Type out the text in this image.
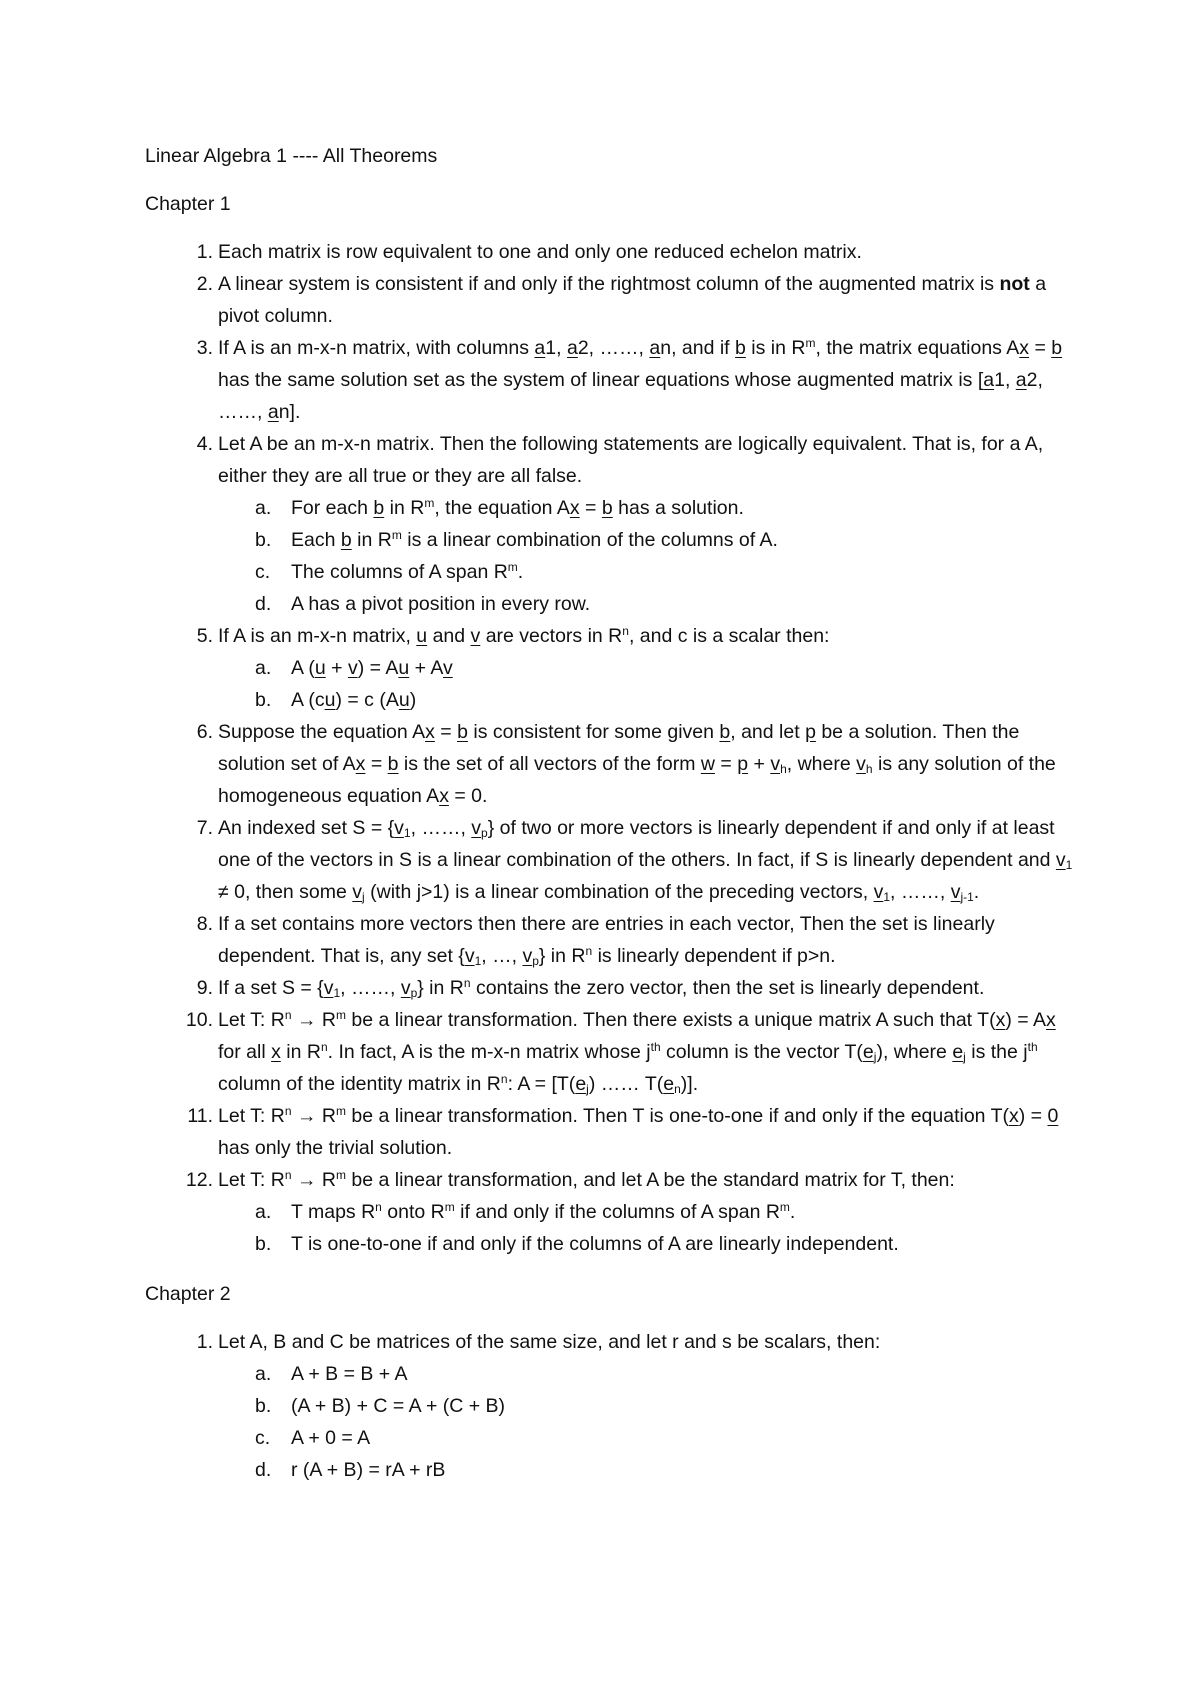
Linear Algebra 1 ---- All Theorems
Chapter 1
1. Each matrix is row equivalent to one and only one reduced echelon matrix.
2. A linear system is consistent if and only if the rightmost column of the augmented matrix is not a pivot column.
3. If A is an m-x-n matrix, with columns a1, a2, ……, an, and if b is in $R^m$, the matrix equations Ax = b has the same solution set as the system of linear equations whose augmented matrix is [a1, a2, ……, an].
4. Let A be an m-x-n matrix. Then the following statements are logically equivalent. That is, for a A, either they are all true or they are all false.
a. For each b in $R^m$, the equation Ax = b has a solution.
b. Each b in $R^m$ is a linear combination of the columns of A.
c. The columns of A span $R^m$.
d. A has a pivot position in every row.
5. If A is an m-x-n matrix, u and v are vectors in $R^n$, and c is a scalar then:
a. A (u + v) = Au + Av
b. A (cu) = c (Au)
6. Suppose the equation Ax = b is consistent for some given b, and let p be a solution. Then the solution set of Ax = b is the set of all vectors of the form $w = p + v_h$, where $v_h$ is any solution of the homogeneous equation Ax = 0.
7. An indexed set $S = \{v_1$, ……, $v_p$} of two or more vectors is linearly dependent if and only if at least one of the vectors in S is a linear combination of the others. In fact, if S is linearly dependent and $v_1 \ne 0$, then some $v_j$ (with j>1) is a linear combination of the preceding vectors, $v_1$, ……, $v_{j-1}$.
8. If a set contains more vectors then there are entries in each vector, Then the set is linearly dependent. That is, any set {$v_1$, …, $v_p$} in $R^n$ is linearly dependent if p>n.
9. If a set $S = \{v_1$, ……, $v_p$} in $R^n$ contains the zero vector, then the set is linearly dependent.
10. Let T: $R^n \to R^m$ be a linear transformation. Then there exists a unique matrix A such that T(x) = Ax for all x in $R^n$. In fact, A is the m-x-n matrix whose $j^{th}$ column is the vector $T(e_j)$, where $e_j$ is the $j^{th}$ column of the identity matrix in $R^n$: $A = [T(e_j)$ …… $T(e_n)$].
11. Let T: $R^n \to R^m$ be a linear transformation. Then T is one-to-one if and only if the equation T(x) = 0 has only the trivial solution.
12. Let T: $R^n \to R^m$ be a linear transformation, and let A be the standard matrix for T, then:
a. T maps $R^n$ onto $R^m$ if and only if the columns of A span $R^m$.
b. T is one-to-one if and only if the columns of A are linearly independent.
Chapter 2
1. Let A, B and C be matrices of the same size, and let r and s be scalars, then:
a. A + B = B + A
b. (A + B) + C = A + (C + B)
c. A + 0 = A
d. r (A + B) = rA + rB
